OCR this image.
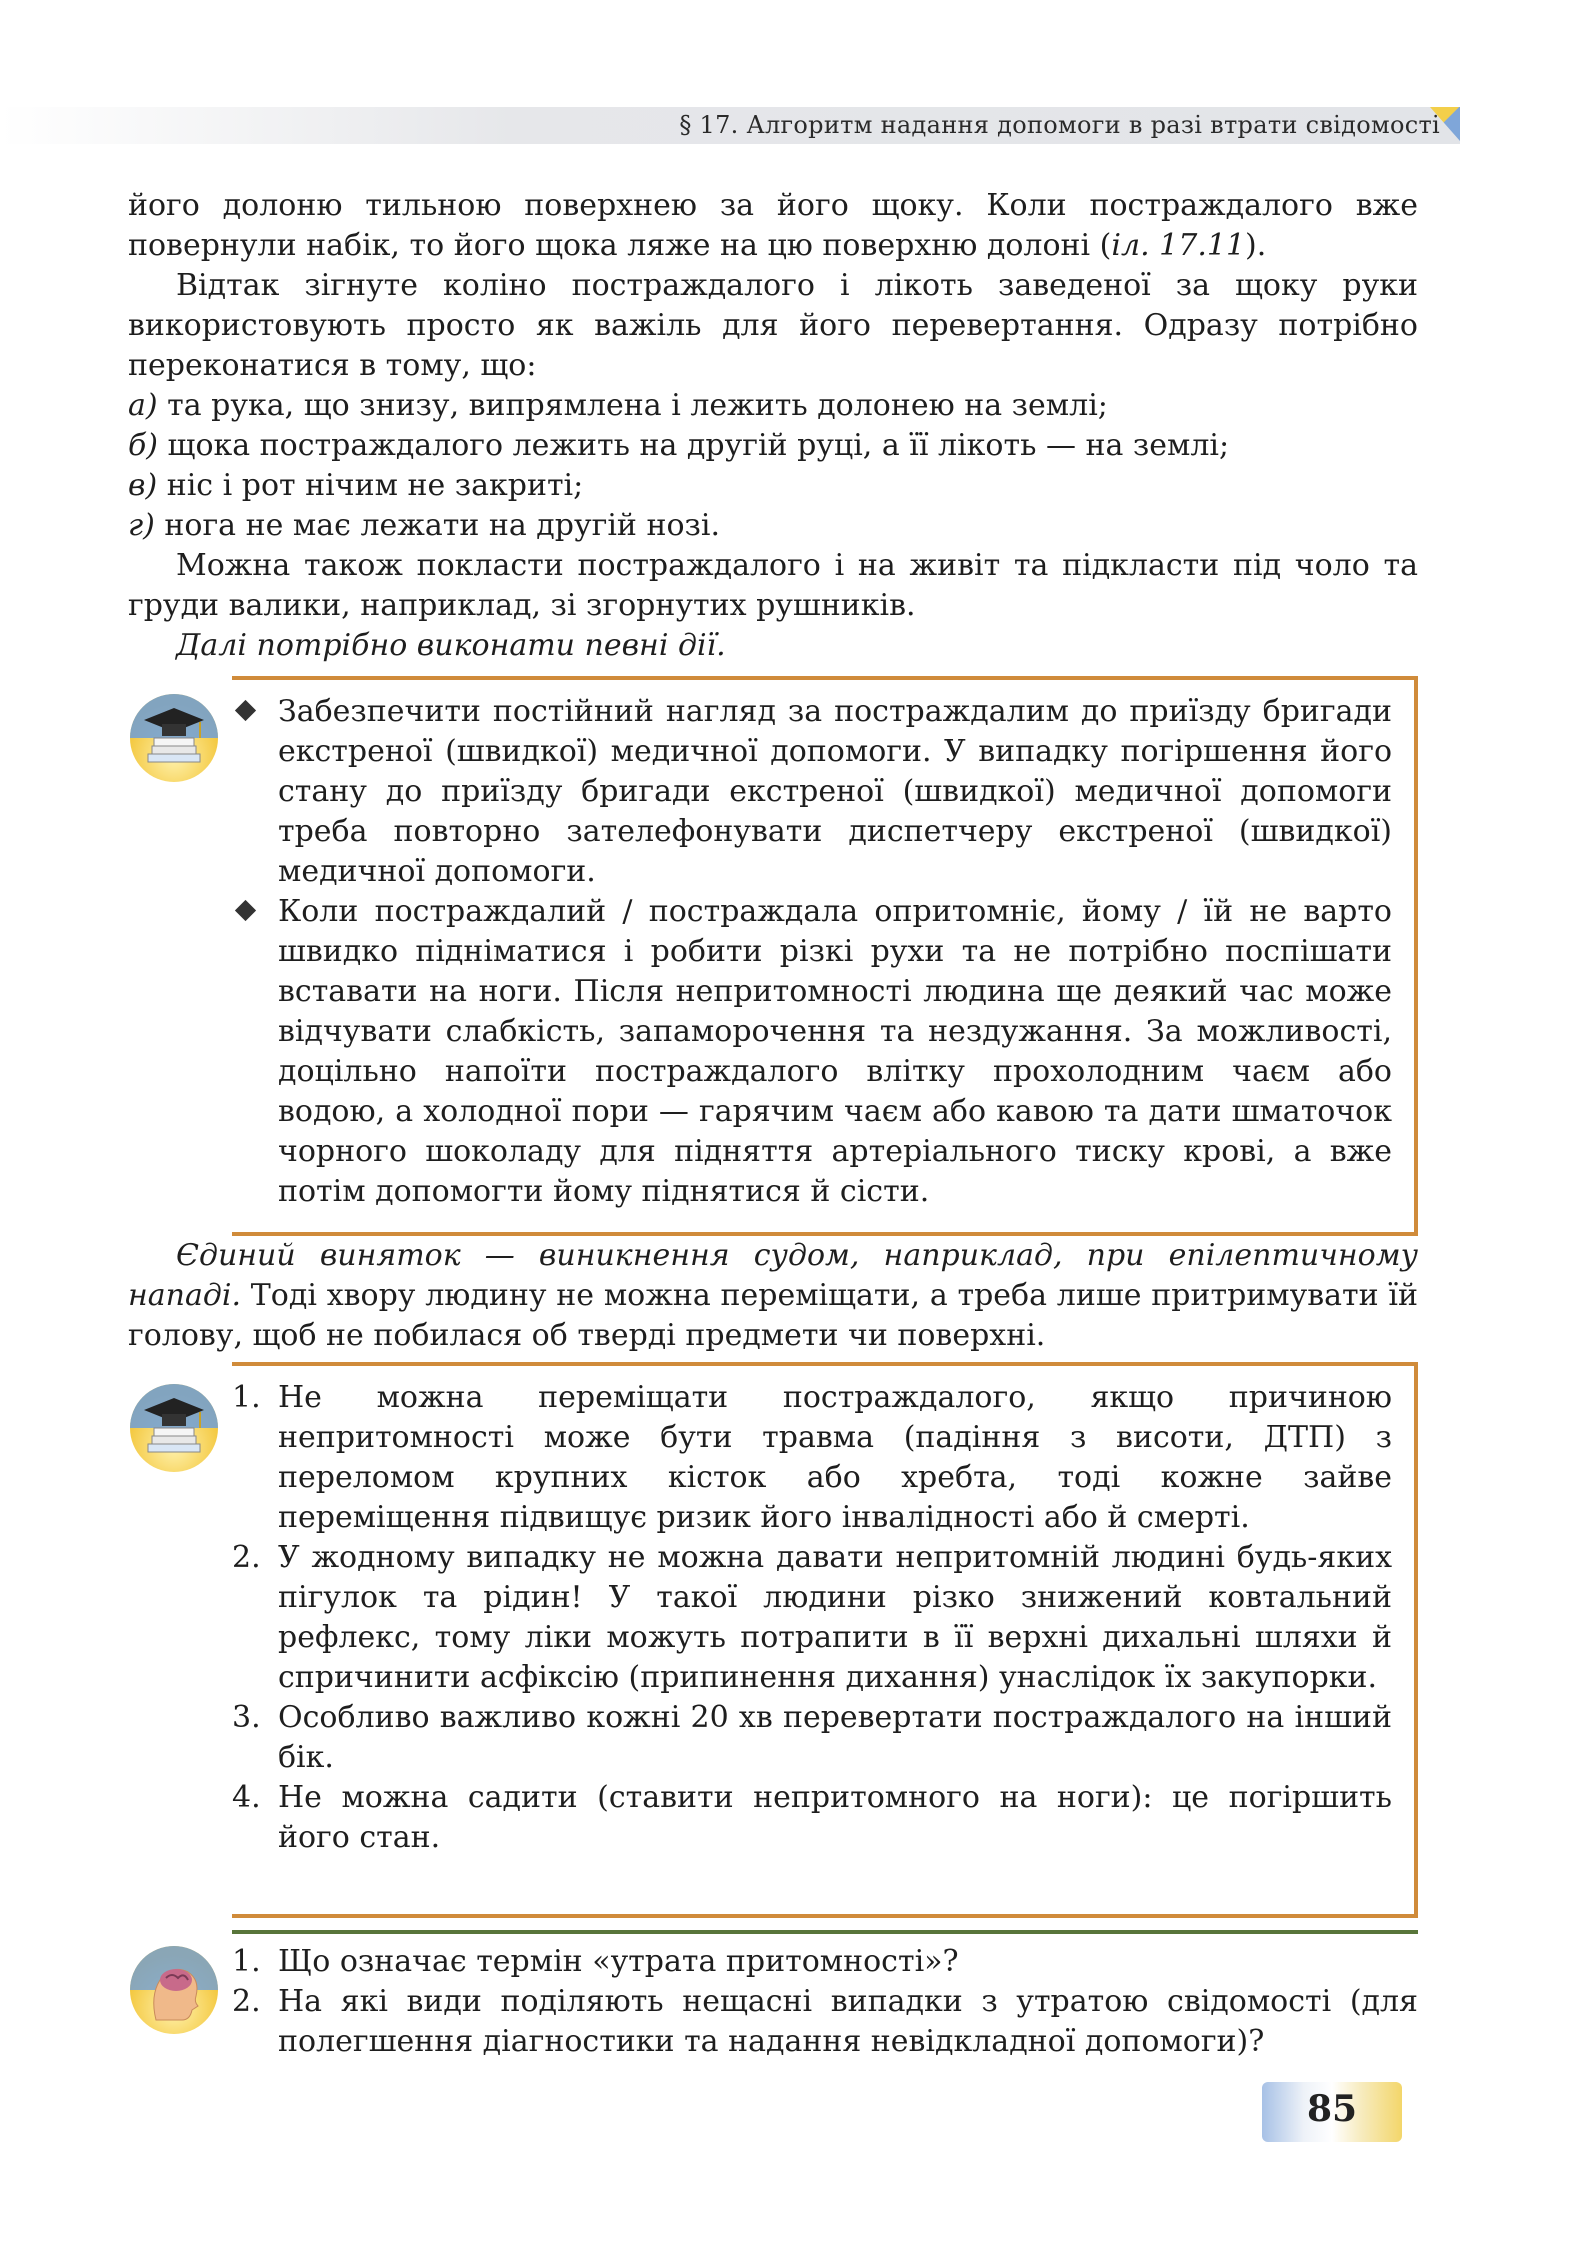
§ 17. Алгоритм надання допомоги в разі втрати свідомості

його долоню тильною поверхнею за його щоку. Коли постраждалого вже повернули набік, то його щока ляже на цю поверхню долоні (іл. 17.11).

Відтак зігнуте коліно постраждалого і лікоть заведеної за щоку руки використовують просто як важіль для його перевертання. Одразу потрібно переконатися в тому, що:

а) та рука, що знизу, випрямлена і лежить долонею на землі;
б) щока постраждалого лежить на другій руці, а її лікоть — на землі;
в) ніс і рот нічим не закриті;
г) нога не має лежати на другій нозі.

Можна також покласти постраждалого і на живіт та підкласти під чоло та груди валики, наприклад, зі згорнутих рушників.

Далі потрібно виконати певні дії.

Забезпечити постійний нагляд за постраждалим до приїзду бригади екстреної (швидкої) медичної допомоги. У випадку погіршення його стану до приїзду бригади екстреної (швидкої) медичної допомоги треба повторно зателефонувати диспетчеру екстреної (швидкої) медичної допомоги.
Коли постраждалий / постраждала опритомніє, йому / їй не варто швидко підніматися і робити різкі рухи та не потрібно поспішати вставати на ноги. Після непритомності людина ще деякий час може відчувати слабкість, запаморочення та нездужання. За можливості, доцільно напоїти постраждалого влітку прохолодним чаєм або водою, а холодної пори — гарячим чаєм або кавою та дати шматочок чорного шоколаду для підняття артеріального тиску крові, а вже потім допомогти йому піднятися й сісти.

Єдиний виняток — виникнення судом, наприклад, при епілептичному нападі. Тоді хвору людину не можна переміщати, а треба лише притримувати їй голову, щоб не побилася об тверді предмети чи поверхні.

1. Не можна переміщати постраждалого, якщо причиною непритомності може бути травма (падіння з висоти, ДТП) з переломом крупних кісток або хребта, тоді кожне зайве переміщення підвищує ризик його інвалідності або й смерті.
2. У жодному випадку не можна давати непритомній людині будь-яких пігулок та рідин! У такої людини різко знижений ковтальний рефлекс, тому ліки можуть потрапити в її верхні дихальні шляхи й спричинити асфіксію (припинення дихання) унаслідок їх закупорки.
3. Особливо важливо кожні 20 хв перевертати постраждалого на інший бік.
4. Не можна садити (ставити непритомного на ноги): це погіршить його стан.
1. Що означає термін «утрата притомності»?
2. На які види поділяють нещасні випадки з утратою свідомості (для полегшення діагностики та надання невідкладної допомоги)?
85
